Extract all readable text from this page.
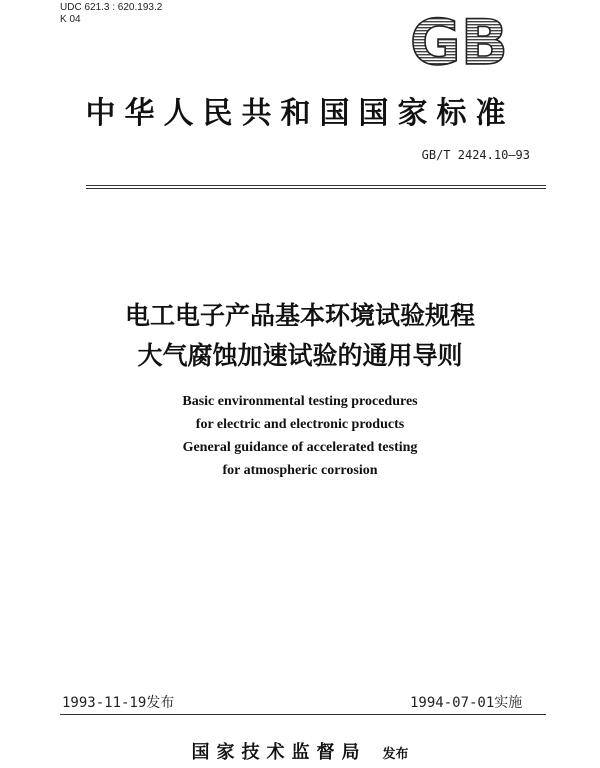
UDC 621.3 : 620.193.2
K 04	GB
中华人民共和国国家标准
GB/T 2424.10—93
电工电子产品基本环境试验规程
大气腐蚀加速试验的通用导则
Basic environmental testing procedures
for electric and electronic products
General guidance of accelerated testing
for atmospheric corrosion
1993-11-19发布	1994-07-01实施
国家技术监督局 发布
